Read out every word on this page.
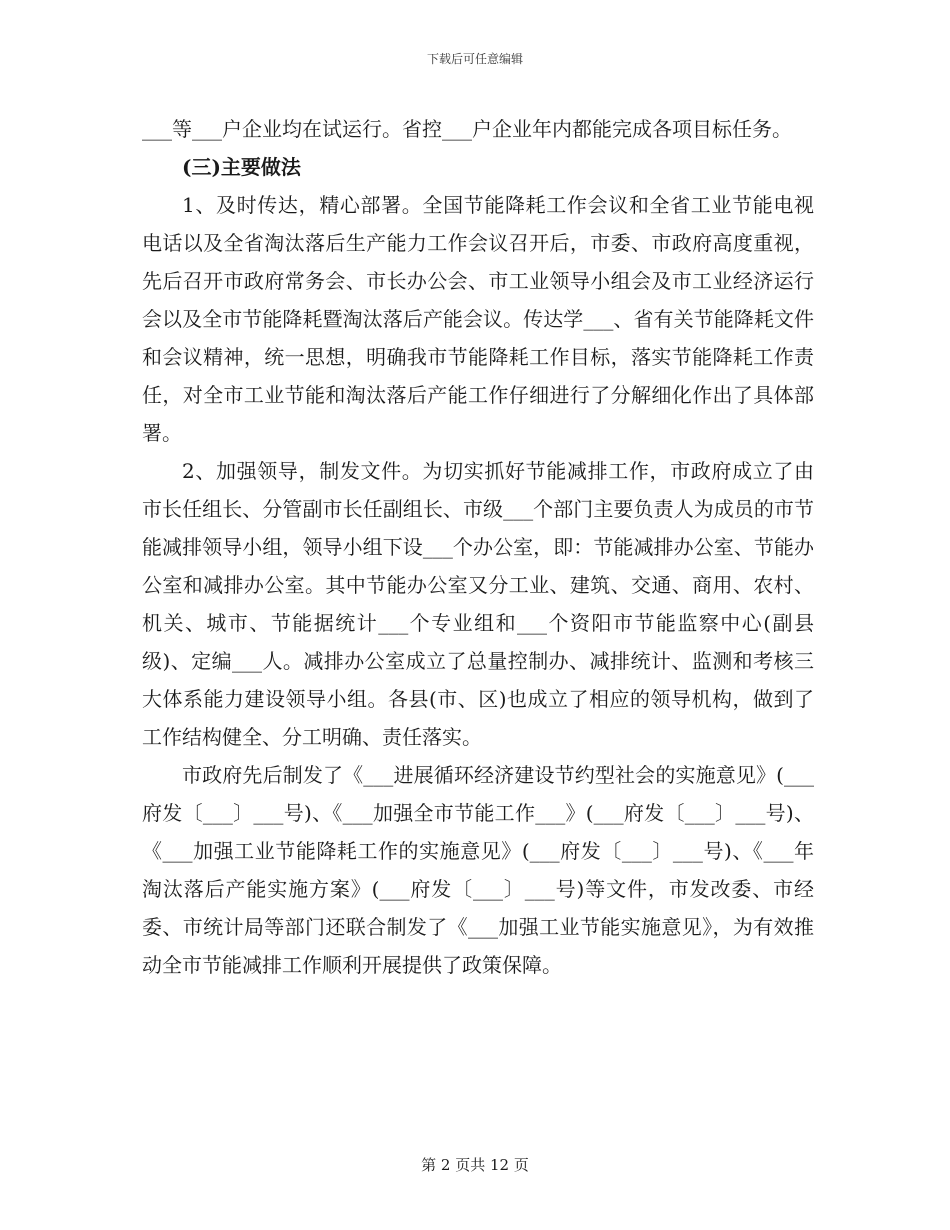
下载后可任意编辑

___等___户企业均在试运行。省控___户企业年内都能完成各项目标任务。

(三)主要做法

1、及时传达，精心部署。全国节能降耗工作会议和全省工业节能电视电话以及全省淘汰落后生产能力工作会议召开后，市委、市政府高度重视，先后召开市政府常务会、市长办公会、市工业领导小组会及市工业经济运行会以及全市节能降耗暨淘汰落后产能会议。传达学___、省有关节能降耗文件和会议精神，统一思想，明确我市节能降耗工作目标，落实节能降耗工作责任，对全市工业节能和淘汰落后产能工作仔细进行了分解细化作出了具体部署。

2、加强领导，制发文件。为切实抓好节能减排工作，市政府成立了由市长任组长、分管副市长任副组长、市级___个部门主要负责人为成员的市节能减排领导小组，领导小组下设___个办公室，即：节能减排办公室、节能办公室和减排办公室。其中节能办公室又分工业、建筑、交通、商用、农村、机关、城市、节能据统计___个专业组和___个资阳市节能监察中心(副县级)、定编___人。减排办公室成立了总量控制办、减排统计、监测和考核三大体系能力建设领导小组。各县(市、区)也成立了相应的领导机构，做到了工作结构健全、分工明确、责任落实。

市政府先后制发了《___进展循环经济建设节约型社会的实施意见》(___府发〔___〕___号)、《___加强全市节能工作___》(___府发〔___〕___号)、《___加强工业节能降耗工作的实施意见》(___府发〔___〕___号)、《___年淘汰落后产能实施方案》(___府发〔___〕___号)等文件，市发改委、市经委、市统计局等部门还联合制发了《___加强工业节能实施意见》，为有效推动全市节能减排工作顺利开展提供了政策保障。

第 2 页共 12 页
